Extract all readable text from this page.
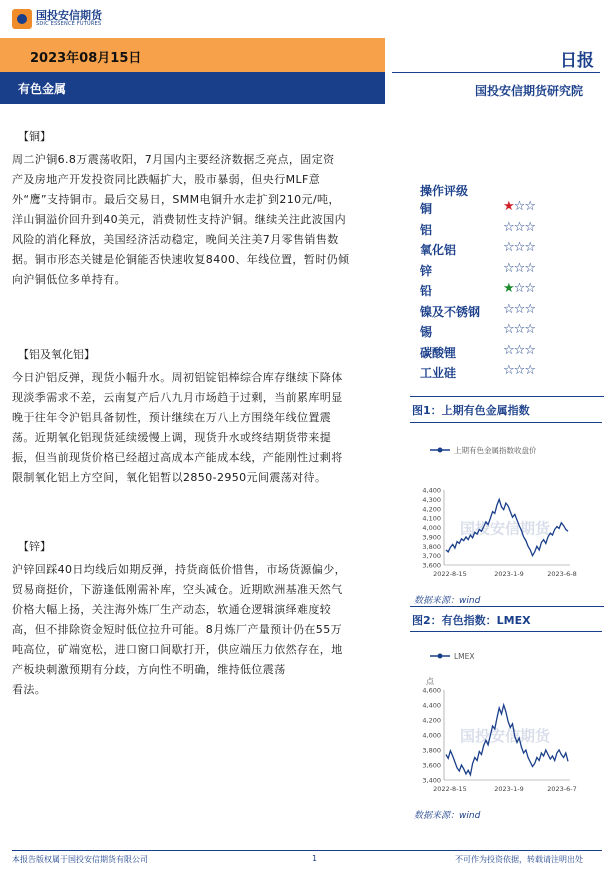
国投安信期货
SDIC ESSENCE FUTURES
2023年08月15日
有色金属
日报
国投安信期货研究院
【铜】

周二沪铜6.8万震荡收阳，7月国内主要经济数据乏亮点，固定资

产及房地产开发投资同比跌幅扩大，股市暴弱，但央行MLF意

外“鹰”支持铜市。最后交易日，SMM电铜升水走扩到210元/吨，

洋山铜溢价回升到40美元，消费韧性支持沪铜。继续关注此波国内

风险的消化释放，美国经济活动稳定，晚间关注美7月零售销售数

据。铜市形态关键是伦铜能否快速收复8400、年线位置，暂时仍倾

向沪铜低位多单持有。

【铝及氧化铝】

今日沪铝反弹，现货小幅升水。周初铝锭铝棒综合库存继续下降体

现淡季需求不差，云南复产后八九月市场趋于过剩，当前累库明显

晚于往年令沪铝具备韧性，预计继续在万八上方围绕年线位置震

荡。近期氧化铝现货延续缓慢上调，现货升水或终结期货带来提

振，但当前现货价格已经超过高成本产能成本线，产能刚性过剩将

限制氧化铝上方空间，氧化铝暂以2850-2950元间震荡对待。

【锌】

沪锌回踩40日均线后如期反弹，持货商低价惜售，市场货源偏少，

贸易商挺价，下游逢低刚需补库，空头减仓。近期欧洲基准天然气

价格大幅上扬，关注海外炼厂生产动态，软通仓逻辑演绎难度较

高，但不排除资金短时低位拉升可能。8月炼厂产量预计仍在55万

吨高位，矿端宽松，进口窗口间歇打开，供应端压力依然存在，地

产板块刺激预期有分歧，方向性不明确，维持低位震荡

看法。

操作评级
铜	★☆☆
铝	☆☆☆
氧化铝	☆☆☆
锌	☆☆☆
铅	★☆☆
镍及不锈钢 ☆☆☆
锡	☆☆☆
碳酸锂	☆☆☆
工业硅	☆☆☆
图1：上期有色金属指数
上期有色金属指数收盘价
国投安信期货
3,600
3,700
3,800
3,900
4,000
4,100
4,200
4,300
4,400
2022-8-15	2023-1-9	2023-6-8
数据来源：wind
图2：有色指数：LMEX
LMEX
点
国投安信期货
3,400
3,600
3,800
4,000
4,200
4,400
4,600
2022-8-15	2023-1-9	2023-6-7
数据来源：wind
本报告版权属于国投安信期货有限公司	1	不可作为投资依据，转载请注明出处
